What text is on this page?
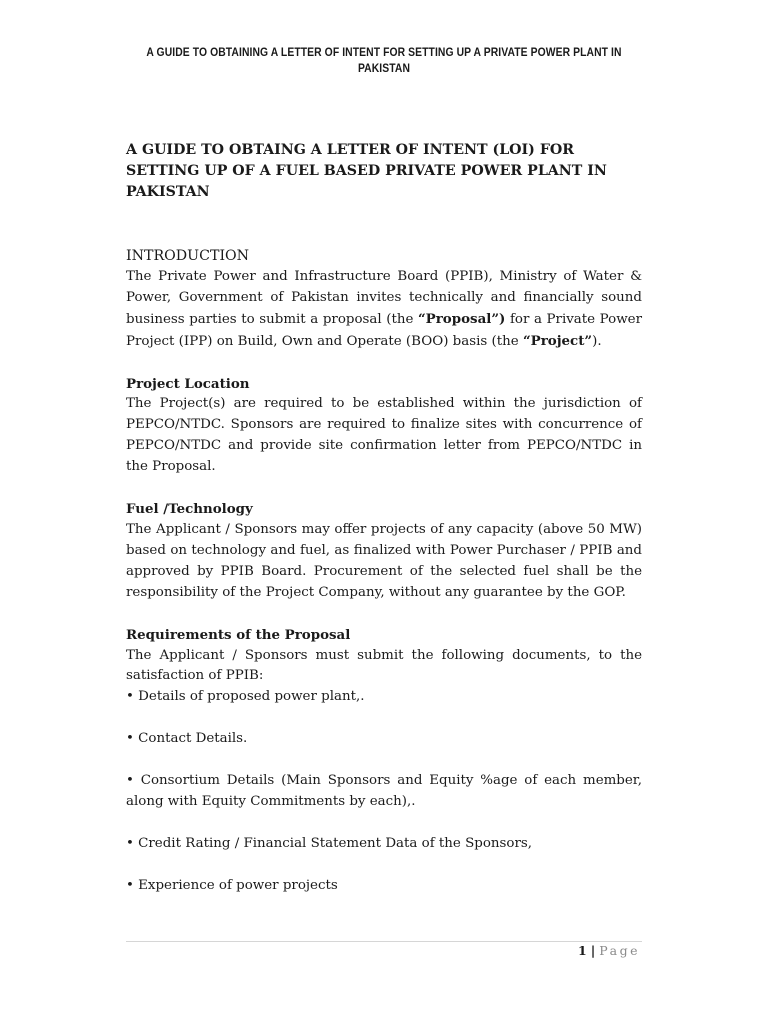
A GUIDE TO OBTAINING A LETTER OF INTENT FOR SETTING UP A PRIVATE POWER PLANT IN PAKISTAN

A GUIDE TO OBTAING A LETTER OF INTENT (LOI) FOR SETTING UP OF A FUEL BASED PRIVATE POWER PLANT IN PAKISTAN

INTRODUCTION

The Private Power and Infrastructure Board (PPIB), Ministry of Water & Power, Government of Pakistan invites technically and financially sound business parties to submit a proposal (the “Proposal”) for a Private Power Project (IPP) on Build, Own and Operate (BOO) basis (the “Project”).

Project Location

The Project(s) are required to be established within the jurisdiction of PEPCO/NTDC. Sponsors are required to finalize sites with concurrence of PEPCO/NTDC and provide site confirmation letter from PEPCO/NTDC in the Proposal.

Fuel /Technology

The Applicant / Sponsors may offer projects of any capacity (above 50 MW) based on technology and fuel, as finalized with Power Purchaser / PPIB and approved by PPIB Board. Procurement of the selected fuel shall be the responsibility of the Project Company, without any guarantee by the GOP.

Requirements of the Proposal

The Applicant / Sponsors must submit the following documents, to the satisfaction of PPIB:

• Details of proposed power plant,.

• Contact Details.

• Consortium Details (Main Sponsors and Equity %age of each member, along with Equity Commitments by each),.

• Credit Rating / Financial Statement Data of the Sponsors,

• Experience of power projects

1 | Page
